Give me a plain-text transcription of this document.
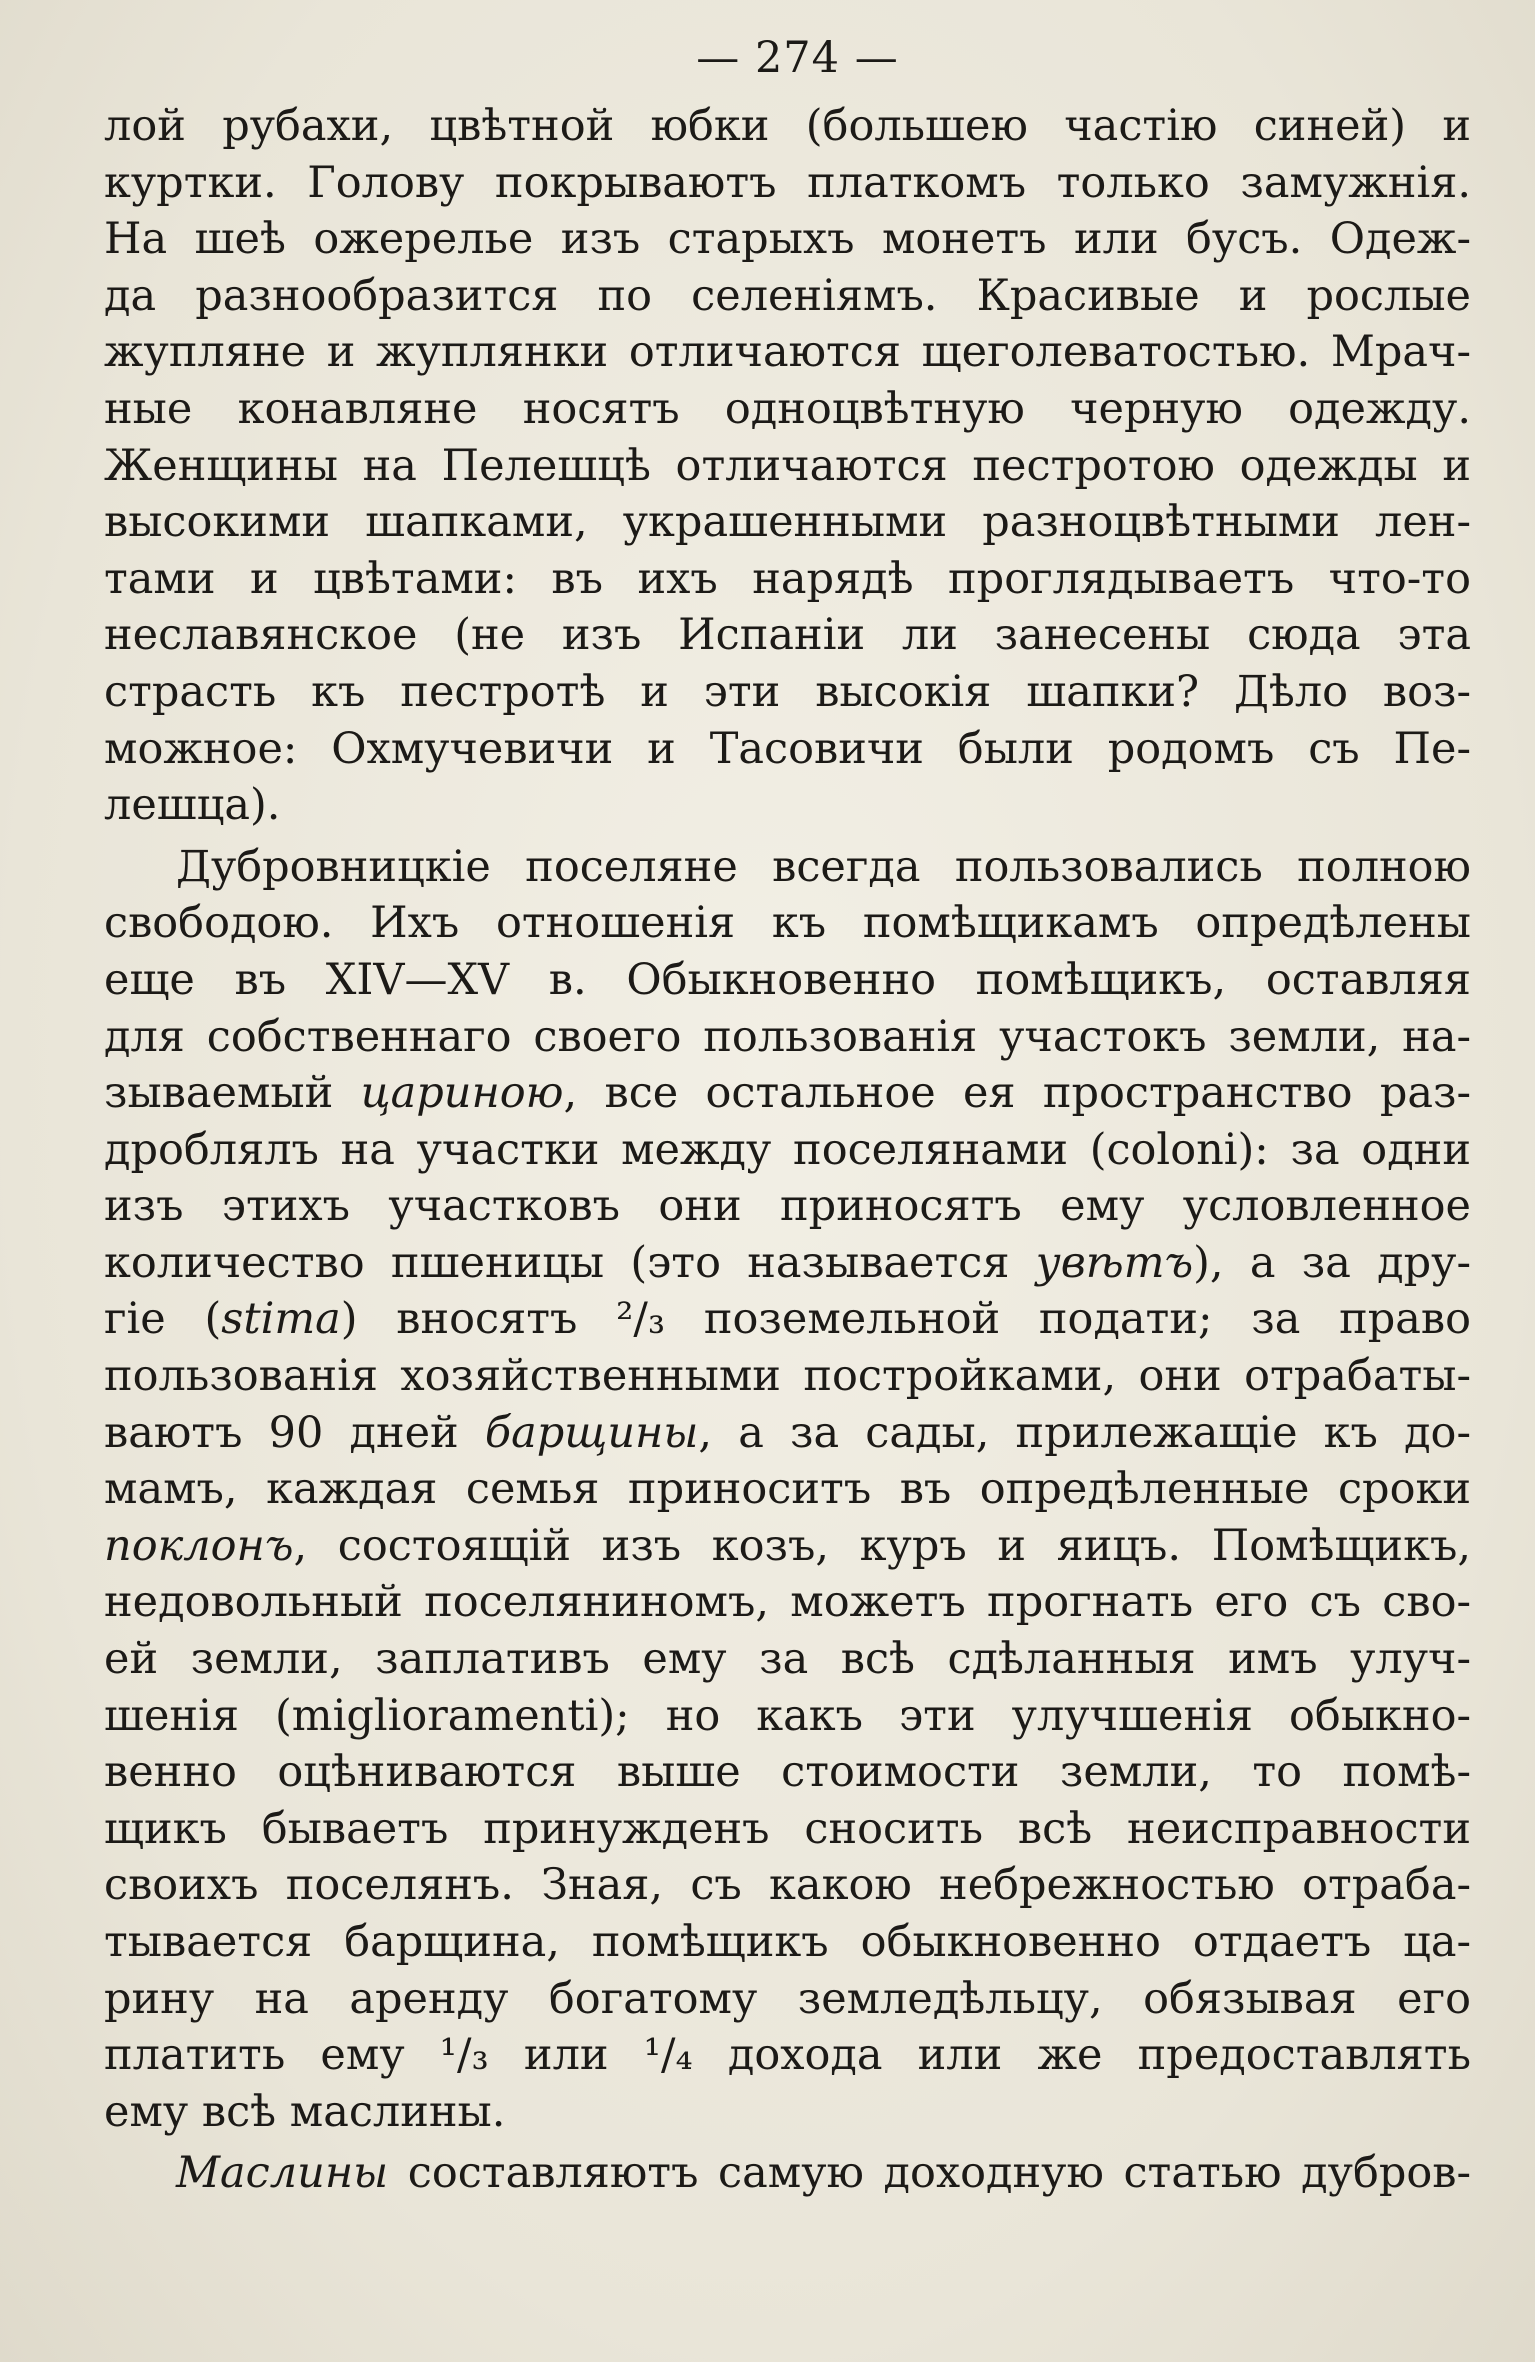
— 274 —
лой рубахи, цвѣтной юбки (большею частію синей) и
куртки. Голову покрываютъ платкомъ только замужнія.
На шеѣ ожерелье изъ старыхъ монетъ или бусъ. Одеж-
да разнообразится по селеніямъ. Красивые и рослые
жупляне и жуплянки отличаются щеголеватостью. Мрач-
ные конавляне носятъ одноцвѣтную черную одежду.
Женщины на Пелешцѣ отличаются пестротою одежды и
высокими шапками, украшенными разноцвѣтными лен-
тами и цвѣтами: въ ихъ нарядѣ проглядываетъ что-то
неславянское (не изъ Испаніи ли занесены сюда эта
страсть къ пестротѣ и эти высокія шапки? Дѣло воз-
можное: Охмучевичи и Тасовичи были родомъ съ Пе-
лешца).
Дубровницкіе поселяне всегда пользовались полною
свободою. Ихъ отношенія къ помѣщикамъ опредѣлены
еще въ XIV—XV в. Обыкновенно помѣщикъ, оставляя
для собственнаго своего пользованія участокъ земли, на-
зываемый цариною, все остальное ея пространство раз-
дроблялъ на участки между поселянами (coloni): за одни
изъ этихъ участковъ они приносятъ ему условленное
количество пшеницы (это называется увѣтъ), а за дру-
гіе (stima) вносятъ ²/₃ поземельной подати; за право
пользованія хозяйственными постройками, они отрабаты-
ваютъ 90 дней барщины, а за сады, прилежащіе къ до-
мамъ, каждая семья приноситъ въ опредѣленные сроки
поклонъ, состоящій изъ козъ, куръ и яицъ. Помѣщикъ,
недовольный поселяниномъ, можетъ прогнать его съ сво-
ей земли, заплативъ ему за всѣ сдѣланныя имъ улуч-
шенія (miglioramenti); но какъ эти улучшенія обыкно-
венно оцѣниваются выше стоимости земли, то помѣ-
щикъ бываетъ принужденъ сносить всѣ неисправности
своихъ поселянъ. Зная, съ какою небрежностью отраба-
тывается барщина, помѣщикъ обыкновенно отдаетъ ца-
рину на аренду богатому земледѣльцу, обязывая его
платить ему ¹/₃ или ¹/₄ дохода или же предоставлять
ему всѣ маслины.
Маслины составляютъ самую доходную статью дубров-
